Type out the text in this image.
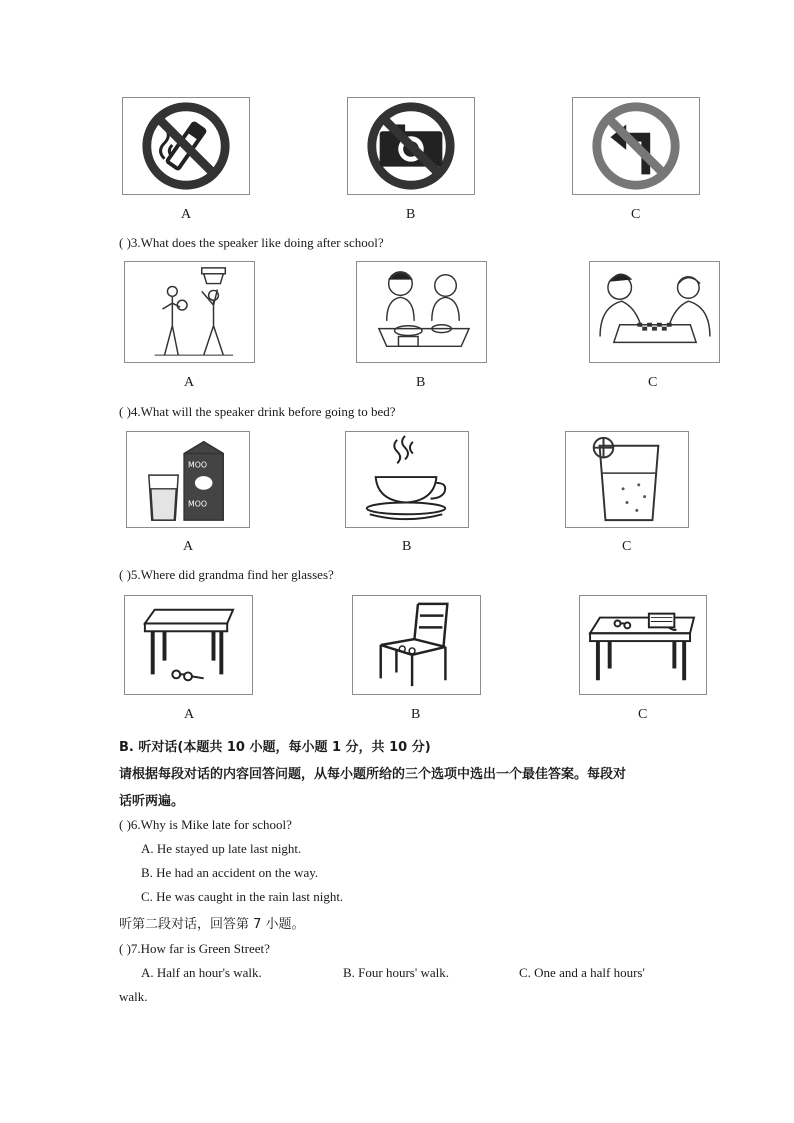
A	B	C
( )3.What does the speaker like doing after school?
A	B	C
( )4.What will the speaker drink before going to bed?
MOO
MOO
A	B	C
( )5.Where did grandma find her glasses?
A	B	C
B. 听对话(本题共 10 小题，每小题 1 分，共 10 分)
请根据每段对话的内容回答问题，从每小题所给的三个选项中选出一个最佳答案。每段对
话听两遍。
( )6.Why is Mike late for school?
A. He stayed up late last night.
B. He had an accident on the way.
C. He was caught in the rain last night.
听第二段对话，回答第 7 小题。
( )7.How far is Green Street?
A. Half an hour's walk.	B. Four hours' walk.	C. One and a half hours'
walk.
